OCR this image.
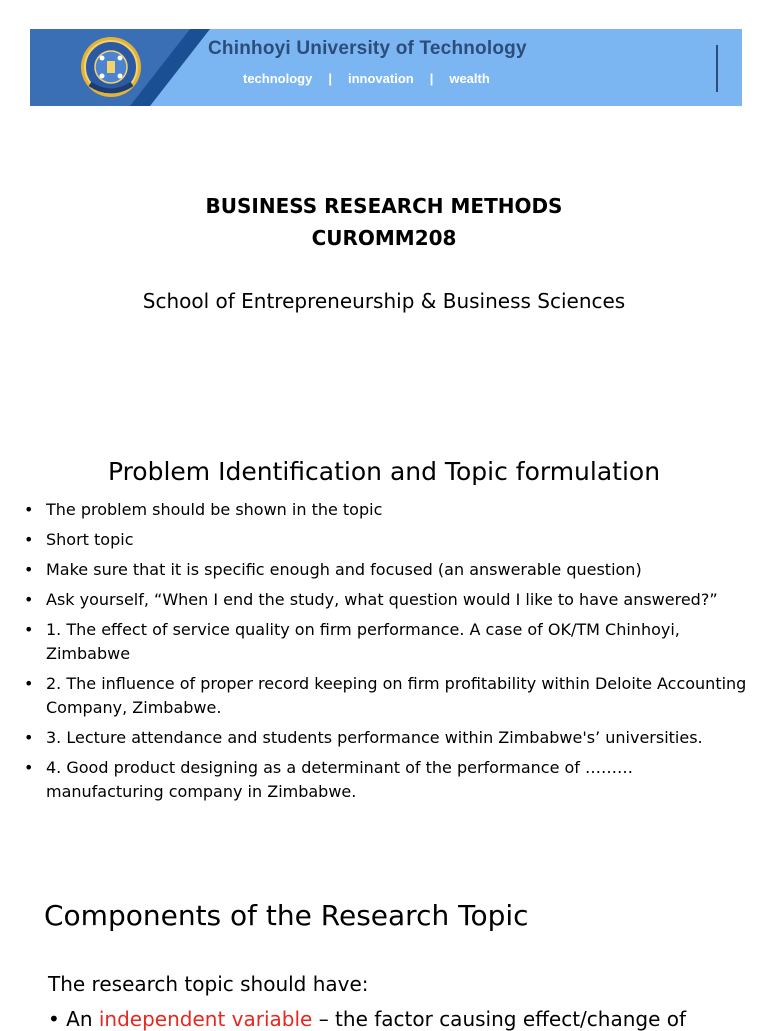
Chinhoyi University of Technology
technology | innovation | wealth
BUSINESS RESEARCH METHODS
CUROMM208
School of Entrepreneurship & Business Sciences
Problem Identification and Topic formulation
• The problem should be shown in the topic
• Short topic
• Make sure that it is specific enough and focused (an answerable question)
• Ask yourself, “When I end the study, what question would I like to have answered?”
• 1. The effect of service quality on firm performance. A case of OK/TM Chinhoyi, Zimbabwe
• 2. The influence of proper record keeping on firm profitability within Deloite Accounting Company, Zimbabwe.
• 3. Lecture attendance and students performance within Zimbabwe's’ universities.
• 4. Good product designing as a determinant of the performance of ……… manufacturing company in Zimbabwe.
Components of the Research Topic
The research topic should have:
• An independent variable – the factor causing effect/change of
